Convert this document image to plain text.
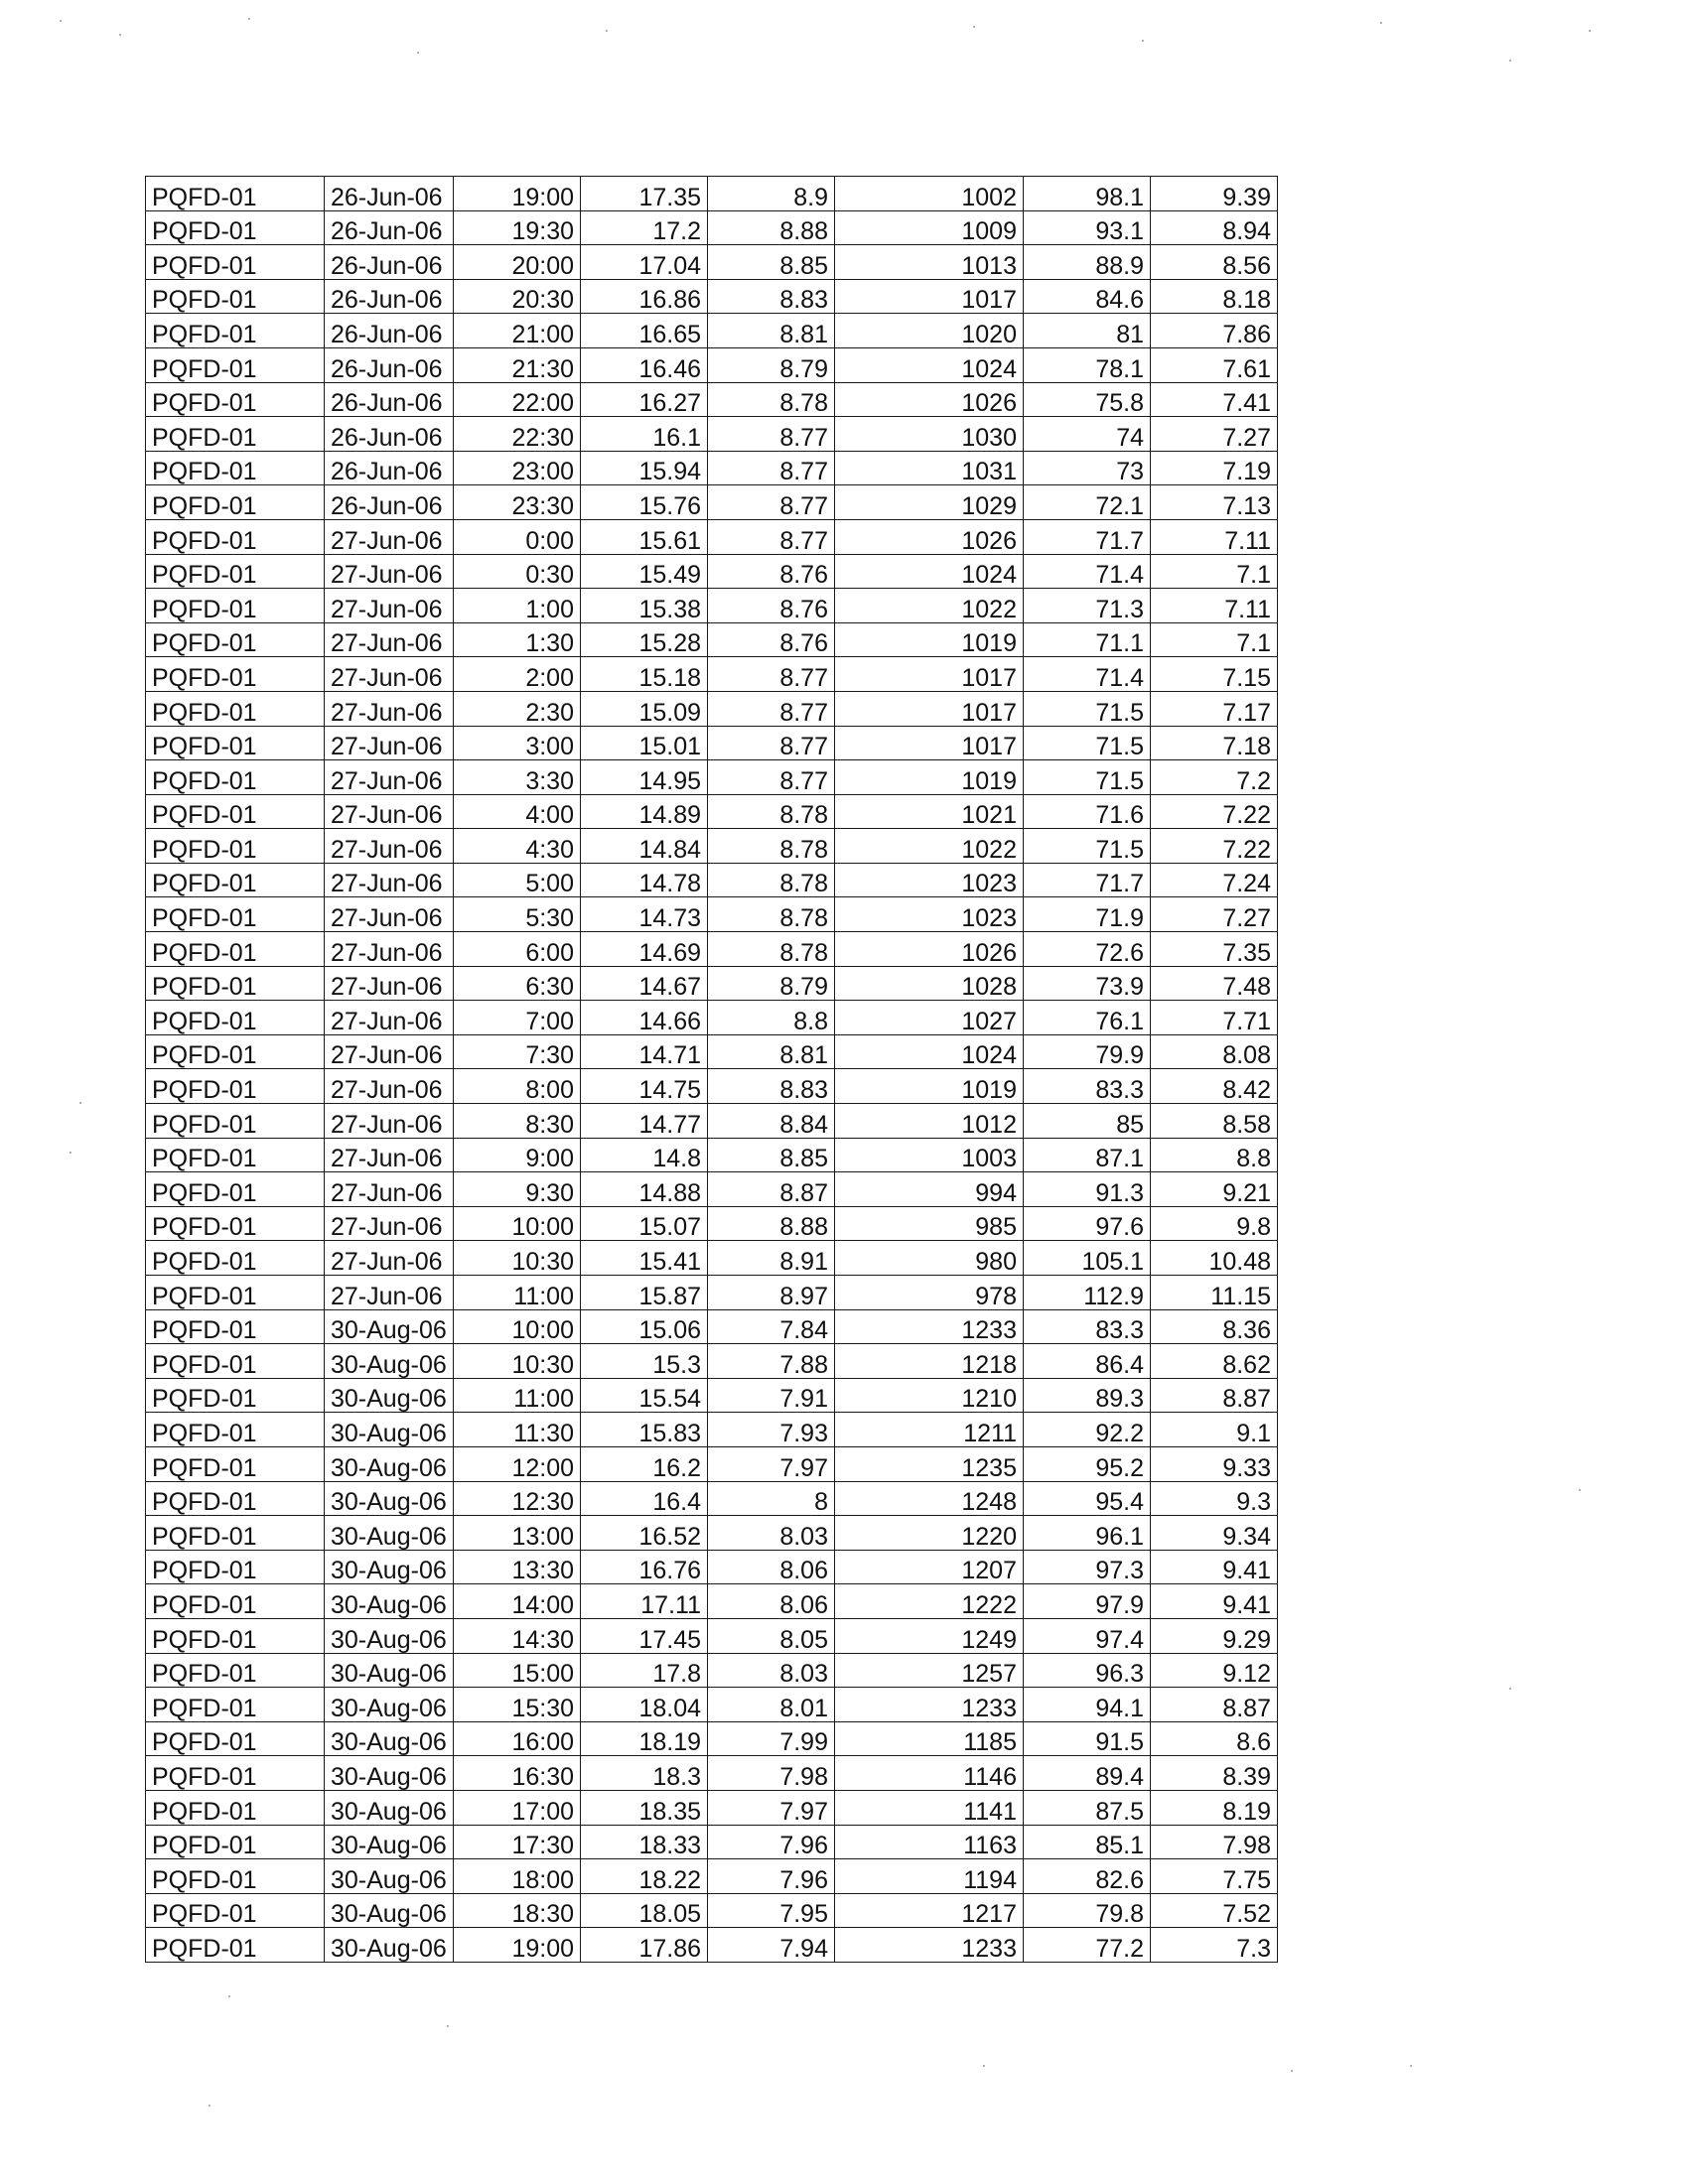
PQFD-01	26-Jun-06	19:00	17.35	8.9	1002	98.1	9.39
PQFD-01	26-Jun-06	19:30	17.2	8.88	1009	93.1	8.94
PQFD-01	26-Jun-06	20:00	17.04	8.85	1013	88.9	8.56
PQFD-01	26-Jun-06	20:30	16.86	8.83	1017	84.6	8.18
PQFD-01	26-Jun-06	21:00	16.65	8.81	1020	81	7.86
PQFD-01	26-Jun-06	21:30	16.46	8.79	1024	78.1	7.61
PQFD-01	26-Jun-06	22:00	16.27	8.78	1026	75.8	7.41
PQFD-01	26-Jun-06	22:30	16.1	8.77	1030	74	7.27
PQFD-01	26-Jun-06	23:00	15.94	8.77	1031	73	7.19
PQFD-01	26-Jun-06	23:30	15.76	8.77	1029	72.1	7.13
PQFD-01	27-Jun-06	0:00	15.61	8.77	1026	71.7	7.11
PQFD-01	27-Jun-06	0:30	15.49	8.76	1024	71.4	7.1
PQFD-01	27-Jun-06	1:00	15.38	8.76	1022	71.3	7.11
PQFD-01	27-Jun-06	1:30	15.28	8.76	1019	71.1	7.1
PQFD-01	27-Jun-06	2:00	15.18	8.77	1017	71.4	7.15
PQFD-01	27-Jun-06	2:30	15.09	8.77	1017	71.5	7.17
PQFD-01	27-Jun-06	3:00	15.01	8.77	1017	71.5	7.18
PQFD-01	27-Jun-06	3:30	14.95	8.77	1019	71.5	7.2
PQFD-01	27-Jun-06	4:00	14.89	8.78	1021	71.6	7.22
PQFD-01	27-Jun-06	4:30	14.84	8.78	1022	71.5	7.22
PQFD-01	27-Jun-06	5:00	14.78	8.78	1023	71.7	7.24
PQFD-01	27-Jun-06	5:30	14.73	8.78	1023	71.9	7.27
PQFD-01	27-Jun-06	6:00	14.69	8.78	1026	72.6	7.35
PQFD-01	27-Jun-06	6:30	14.67	8.79	1028	73.9	7.48
PQFD-01	27-Jun-06	7:00	14.66	8.8	1027	76.1	7.71
PQFD-01	27-Jun-06	7:30	14.71	8.81	1024	79.9	8.08
PQFD-01	27-Jun-06	8:00	14.75	8.83	1019	83.3	8.42
PQFD-01	27-Jun-06	8:30	14.77	8.84	1012	85	8.58
PQFD-01	27-Jun-06	9:00	14.8	8.85	1003	87.1	8.8
PQFD-01	27-Jun-06	9:30	14.88	8.87	994	91.3	9.21
PQFD-01	27-Jun-06	10:00	15.07	8.88	985	97.6	9.8
PQFD-01	27-Jun-06	10:30	15.41	8.91	980	105.1	10.48
PQFD-01	27-Jun-06	11:00	15.87	8.97	978	112.9	11.15
PQFD-01	30-Aug-06	10:00	15.06	7.84	1233	83.3	8.36
PQFD-01	30-Aug-06	10:30	15.3	7.88	1218	86.4	8.62
PQFD-01	30-Aug-06	11:00	15.54	7.91	1210	89.3	8.87
PQFD-01	30-Aug-06	11:30	15.83	7.93	1211	92.2	9.1
PQFD-01	30-Aug-06	12:00	16.2	7.97	1235	95.2	9.33
PQFD-01	30-Aug-06	12:30	16.4	8	1248	95.4	9.3
PQFD-01	30-Aug-06	13:00	16.52	8.03	1220	96.1	9.34
PQFD-01	30-Aug-06	13:30	16.76	8.06	1207	97.3	9.41
PQFD-01	30-Aug-06	14:00	17.11	8.06	1222	97.9	9.41
PQFD-01	30-Aug-06	14:30	17.45	8.05	1249	97.4	9.29
PQFD-01	30-Aug-06	15:00	17.8	8.03	1257	96.3	9.12
PQFD-01	30-Aug-06	15:30	18.04	8.01	1233	94.1	8.87
PQFD-01	30-Aug-06	16:00	18.19	7.99	1185	91.5	8.6
PQFD-01	30-Aug-06	16:30	18.3	7.98	1146	89.4	8.39
PQFD-01	30-Aug-06	17:00	18.35	7.97	1141	87.5	8.19
PQFD-01	30-Aug-06	17:30	18.33	7.96	1163	85.1	7.98
PQFD-01	30-Aug-06	18:00	18.22	7.96	1194	82.6	7.75
PQFD-01	30-Aug-06	18:30	18.05	7.95	1217	79.8	7.52
PQFD-01	30-Aug-06	19:00	17.86	7.94	1233	77.2	7.3
